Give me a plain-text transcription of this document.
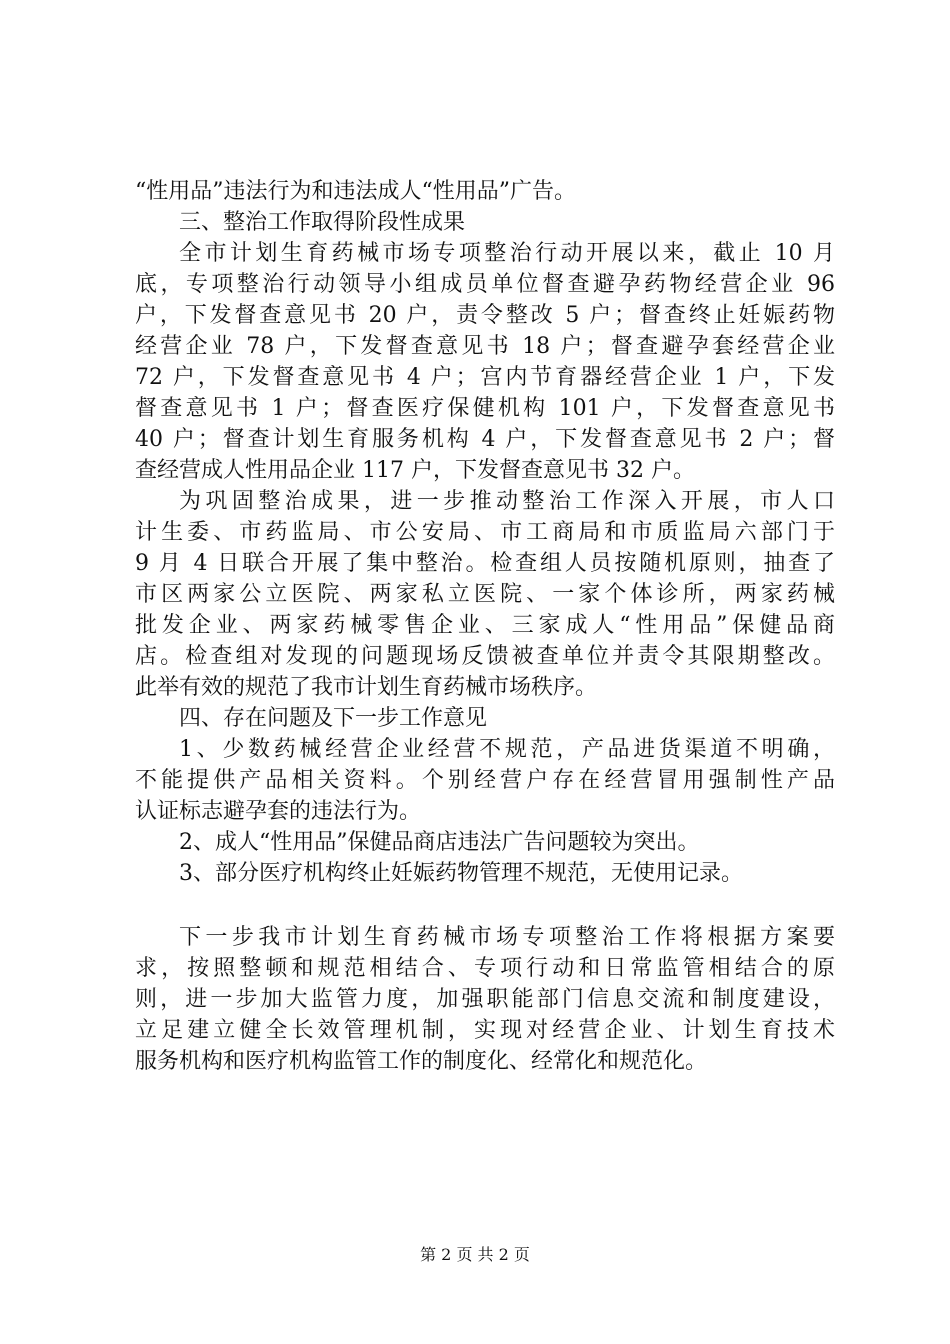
“性用品”违法行为和违法成人“性用品”广告。
三、整治工作取得阶段性成果
全市计划生育药械市场专项整治行动开展以来，截止 10 月
底，专项整治行动领导小组成员单位督查避孕药物经营企业 96
户，下发督查意见书 20 户，责令整改 5 户；督查终止妊娠药物
经营企业 78 户，下发督查意见书 18 户；督查避孕套经营企业
72 户，下发督查意见书 4 户；宫内节育器经营企业 1 户，下发
督查意见书 1 户；督查医疗保健机构 101 户，下发督查意见书
40 户；督查计划生育服务机构 4 户，下发督查意见书 2 户；督
查经营成人性用品企业 117 户，下发督查意见书 32 户。
为巩固整治成果，进一步推动整治工作深入开展，市人口
计生委、市药监局、市公安局、市工商局和市质监局六部门于
9 月 4 日联合开展了集中整治。检查组人员按随机原则，抽查了
市区两家公立医院、两家私立医院、一家个体诊所，两家药械
批发企业、两家药械零售企业、三家成人“性用品”保健品商
店。检查组对发现的问题现场反馈被查单位并责令其限期整改。
此举有效的规范了我市计划生育药械市场秩序。
四、存在问题及下一步工作意见
1、少数药械经营企业经营不规范，产品进货渠道不明确，
不能提供产品相关资料。个别经营户存在经营冒用强制性产品
认证标志避孕套的违法行为。
2、成人“性用品”保健品商店违法广告问题较为突出。
3、部分医疗机构终止妊娠药物管理不规范，无使用记录。
下一步我市计划生育药械市场专项整治工作将根据方案要
求，按照整顿和规范相结合、专项行动和日常监管相结合的原
则，进一步加大监管力度，加强职能部门信息交流和制度建设，
立足建立健全长效管理机制，实现对经营企业、计划生育技术
服务机构和医疗机构监管工作的制度化、经常化和规范化。
第 2 页 共 2 页
